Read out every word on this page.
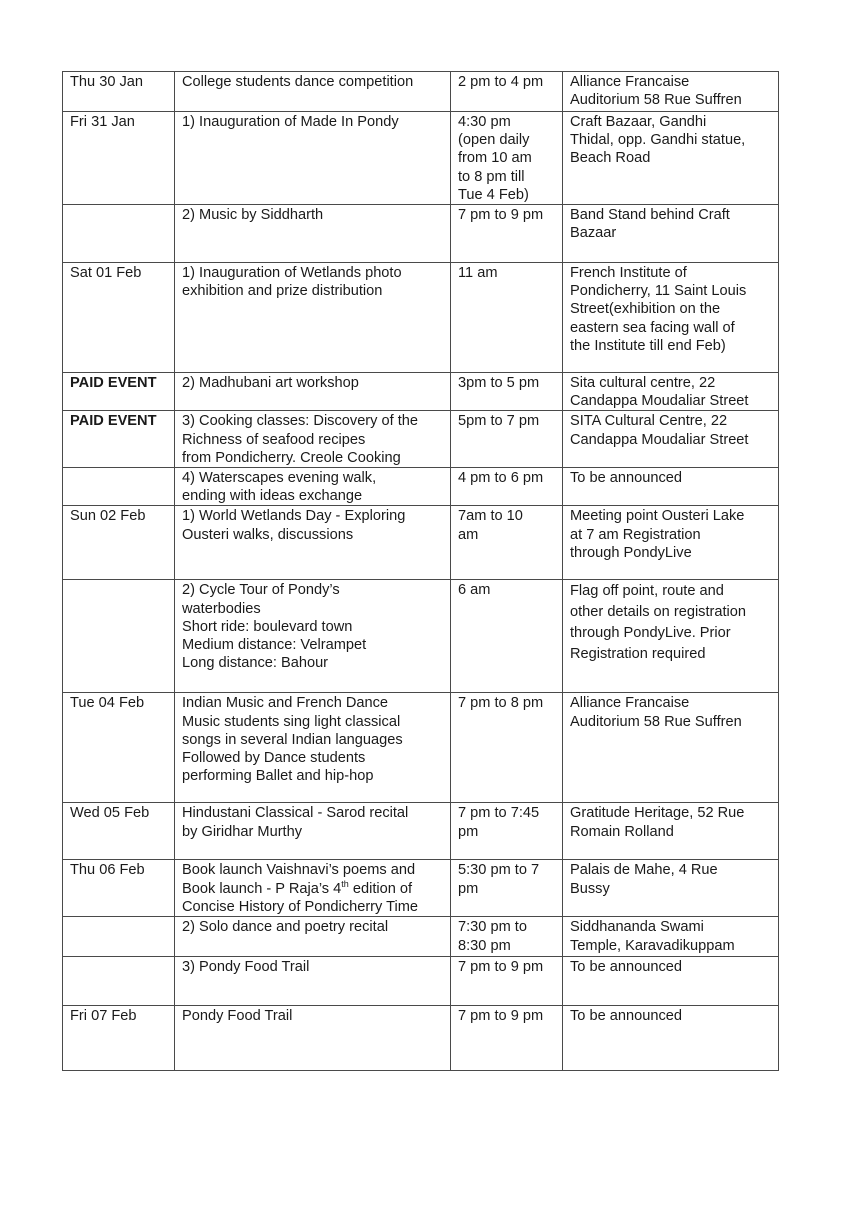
Thu 30 Jan	College students dance competition	2 pm to 4 pm	Alliance Francaise
Auditorium 58 Rue Suffren

Fri 31 Jan	1) Inauguration of Made In Pondy	4:30 pm
(open daily
from 10 am
to 8 pm till
Tue 4 Feb)	Craft Bazaar, Gandhi
Thidal, opp. Gandhi statue,
Beach Road

	2) Music by Siddharth	7 pm to 9 pm	Band Stand behind Craft
Bazaar

Sat 01 Feb	1) Inauguration of Wetlands photo
exhibition and prize distribution	11 am	French Institute of
Pondicherry, 11 Saint Louis
Street(exhibition on the
eastern sea facing wall of
the Institute till end Feb)

PAID EVENT	2) Madhubani art workshop	3pm to 5 pm	Sita cultural centre, 22
Candappa Moudaliar Street

PAID EVENT	3) Cooking classes: Discovery of the
Richness of seafood recipes
from Pondicherry. Creole Cooking	5pm to 7 pm	SITA Cultural Centre, 22
Candappa Moudaliar Street

	4) Waterscapes evening walk,
ending with ideas exchange	4 pm to 6 pm	To be announced

Sun 02 Feb	1) World Wetlands Day - Exploring
Ousteri walks, discussions	7am to 10
am	Meeting point Ousteri Lake
at 7 am Registration
through PondyLive

	2) Cycle Tour of Pondy’s
waterbodies
Short ride: boulevard town
Medium distance: Velrampet
Long distance: Bahour	6 am	Flag off point, route and
other details on registration
through PondyLive. Prior
Registration required

Tue 04 Feb	Indian Music and French Dance
Music students sing light classical
songs in several Indian languages
Followed by Dance students
performing Ballet and hip-hop	7 pm to 8 pm	Alliance Francaise
Auditorium 58 Rue Suffren

Wed 05 Feb	Hindustani Classical - Sarod recital
by Giridhar Murthy	7 pm to 7:45
pm	Gratitude Heritage, 52 Rue
Romain Rolland

Thu 06 Feb	Book launch Vaishnavi’s poems and
Book launch - P Raja’s 4th edition of
Concise History of Pondicherry Time	5:30 pm to 7
pm	Palais de Mahe, 4 Rue
Bussy

	2) Solo dance and poetry recital	7:30 pm to
8:30 pm	Siddhananda Swami
Temple, Karavadikuppam

	3) Pondy Food Trail	7 pm to 9 pm	To be announced

Fri 07 Feb	Pondy Food Trail	7 pm to 9 pm	To be announced
